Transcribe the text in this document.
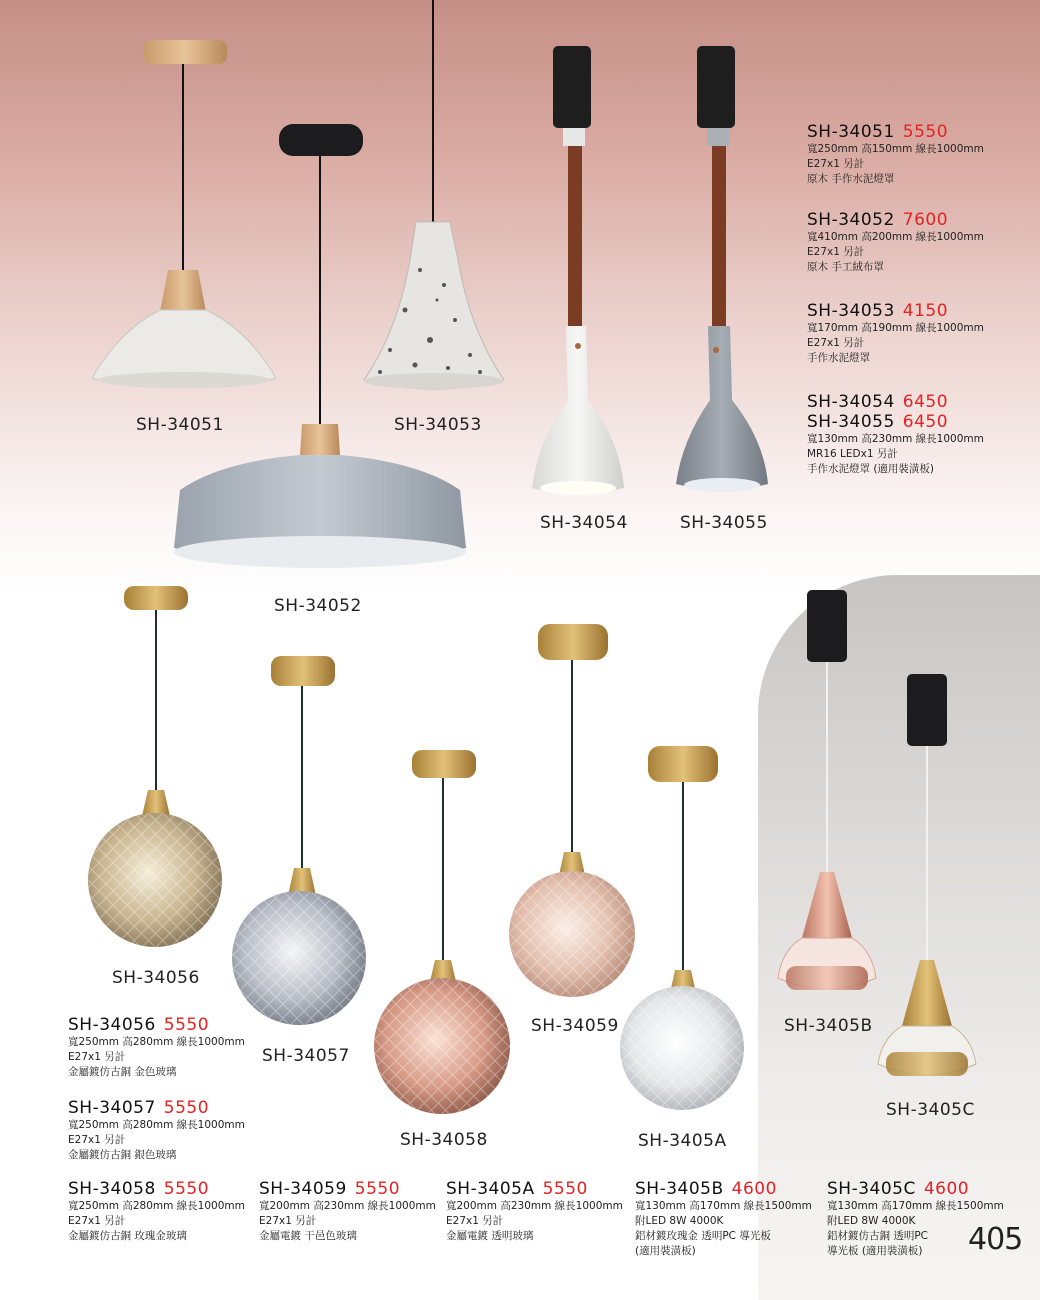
SH-34051	SH-34053
SH-34054	SH-34055
SH-34052
SH-34056
SH-34057
SH-34058
SH-34059
SH-3405A
SH-3405B
SH-3405C
SH-34051 5550
寬250mm 高150mm 線長1000mm
E27x1 另計
原木 手作水泥燈罩
SH-34052 7600
寬410mm 高200mm 線長1000mm
E27x1 另計
原木 手工絨布罩
SH-34053 4150
寬170mm 高190mm 線長1000mm
E27x1 另計
手作水泥燈罩
SH-34054 6450
SH-34055 6450
寬130mm 高230mm 線長1000mm
MR16 LEDx1 另計
手作水泥燈罩 (適用裝潢板)
SH-34056 5550
寬250mm 高280mm 線長1000mm
E27x1 另計
金屬鍍仿古銅 金色玻璃
SH-34057 5550
寬250mm 高280mm 線長1000mm
E27x1 另計
金屬鍍仿古銅 銀色玻璃
SH-34058 5550
寬250mm 高280mm 線長1000mm
E27x1 另計
金屬鍍仿古銅 玫瑰金玻璃
SH-34059 5550
寬200mm 高230mm 線長1000mm
E27x1 另計
金屬電鍍 干邑色玻璃
SH-3405A 5550
寬200mm 高230mm 線長1000mm
E27x1 另計
金屬電鍍 透明玻璃
SH-3405B 4600
寬130mm 高170mm 線長1500mm
附LED 8W 4000K
鋁材鍍玫瑰金 透明PC 導光板
(適用裝潢板)
SH-3405C 4600
寬130mm 高170mm 線長1500mm
附LED 8W 4000K
鋁材鍍仿古銅 透明PC
導光板 (適用裝潢板)	405
